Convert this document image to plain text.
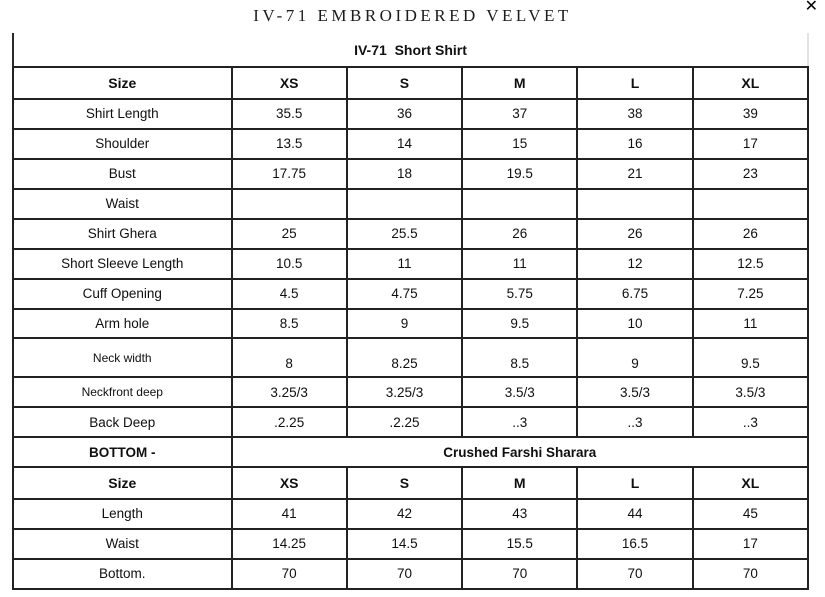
IV-71 EMBROIDERED VELVET
✕
IV-71  Short Shirt
Size	XS	S	M	L	XL
Shirt Length	35.5	36	37	38	39
Shoulder	13.5	14	15	16	17
Bust	17.75	18	19.5	21	23
Waist					
Shirt Ghera	25	25.5	26	26	26
Short Sleeve Length	10.5	11	11	12	12.5
Cuff Opening	4.5	4.75	5.75	6.75	7.25
Arm hole	8.5	9	9.5	10	11
Neck width	8	8.25	8.5	9	9.5
Neckfront deep	3.25/3	3.25/3	3.5/3	3.5/3	3.5/3
Back Deep	.2.25	.2.25	..3	..3	..3
BOTTOM -	Crushed Farshi Sharara				
Size	XS	S	M	L	XL
Length	41	42	43	44	45
Waist	14.25	14.5	15.5	16.5	17
Bottom.	70	70	70	70	70
